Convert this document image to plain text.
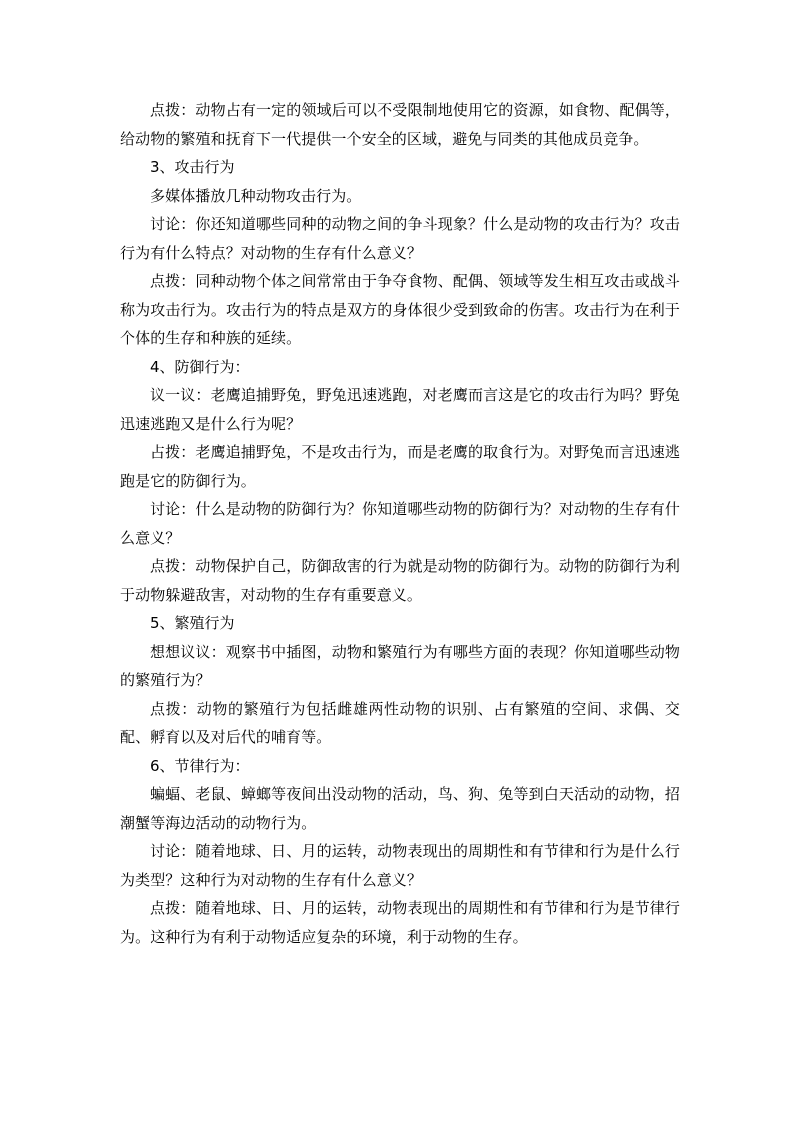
点拨：动物占有一定的领域后可以不受限制地使用它的资源，如食物、配偶等，给动物的繁殖和抚育下一代提供一个安全的区域，避免与同类的其他成员竞争。

3、攻击行为

多媒体播放几种动物攻击行为。

讨论：你还知道哪些同种的动物之间的争斗现象？什么是动物的攻击行为？攻击行为有什么特点？对动物的生存有什么意义？

点拨：同种动物个体之间常常由于争夺食物、配偶、领域等发生相互攻击或战斗称为攻击行为。攻击行为的特点是双方的身体很少受到致命的伤害。攻击行为在利于个体的生存和种族的延续。

4、防御行为：

议一议：老鹰追捕野兔，野兔迅速逃跑，对老鹰而言这是它的攻击行为吗？野兔迅速逃跑又是什么行为呢？

占拨：老鹰追捕野兔，不是攻击行为，而是老鹰的取食行为。对野兔而言迅速逃跑是它的防御行为。

讨论：什么是动物的防御行为？你知道哪些动物的防御行为？对动物的生存有什么意义？

点拨：动物保护自己，防御敌害的行为就是动物的防御行为。动物的防御行为利于动物躲避敌害，对动物的生存有重要意义。

5、繁殖行为

想想议议：观察书中插图，动物和繁殖行为有哪些方面的表现？你知道哪些动物的繁殖行为？

点拨：动物的繁殖行为包括雌雄两性动物的识别、占有繁殖的空间、求偶、交配、孵育以及对后代的哺育等。

6、节律行为：

蝙蝠、老鼠、蟑螂等夜间出没动物的活动，鸟、狗、兔等到白天活动的动物，招潮蟹等海边活动的动物行为。

讨论：随着地球、日、月的运转，动物表现出的周期性和有节律和行为是什么行为类型？这种行为对动物的生存有什么意义？

点拨：随着地球、日、月的运转，动物表现出的周期性和有节律和行为是节律行为。这种行为有利于动物适应复杂的环境，利于动物的生存。
